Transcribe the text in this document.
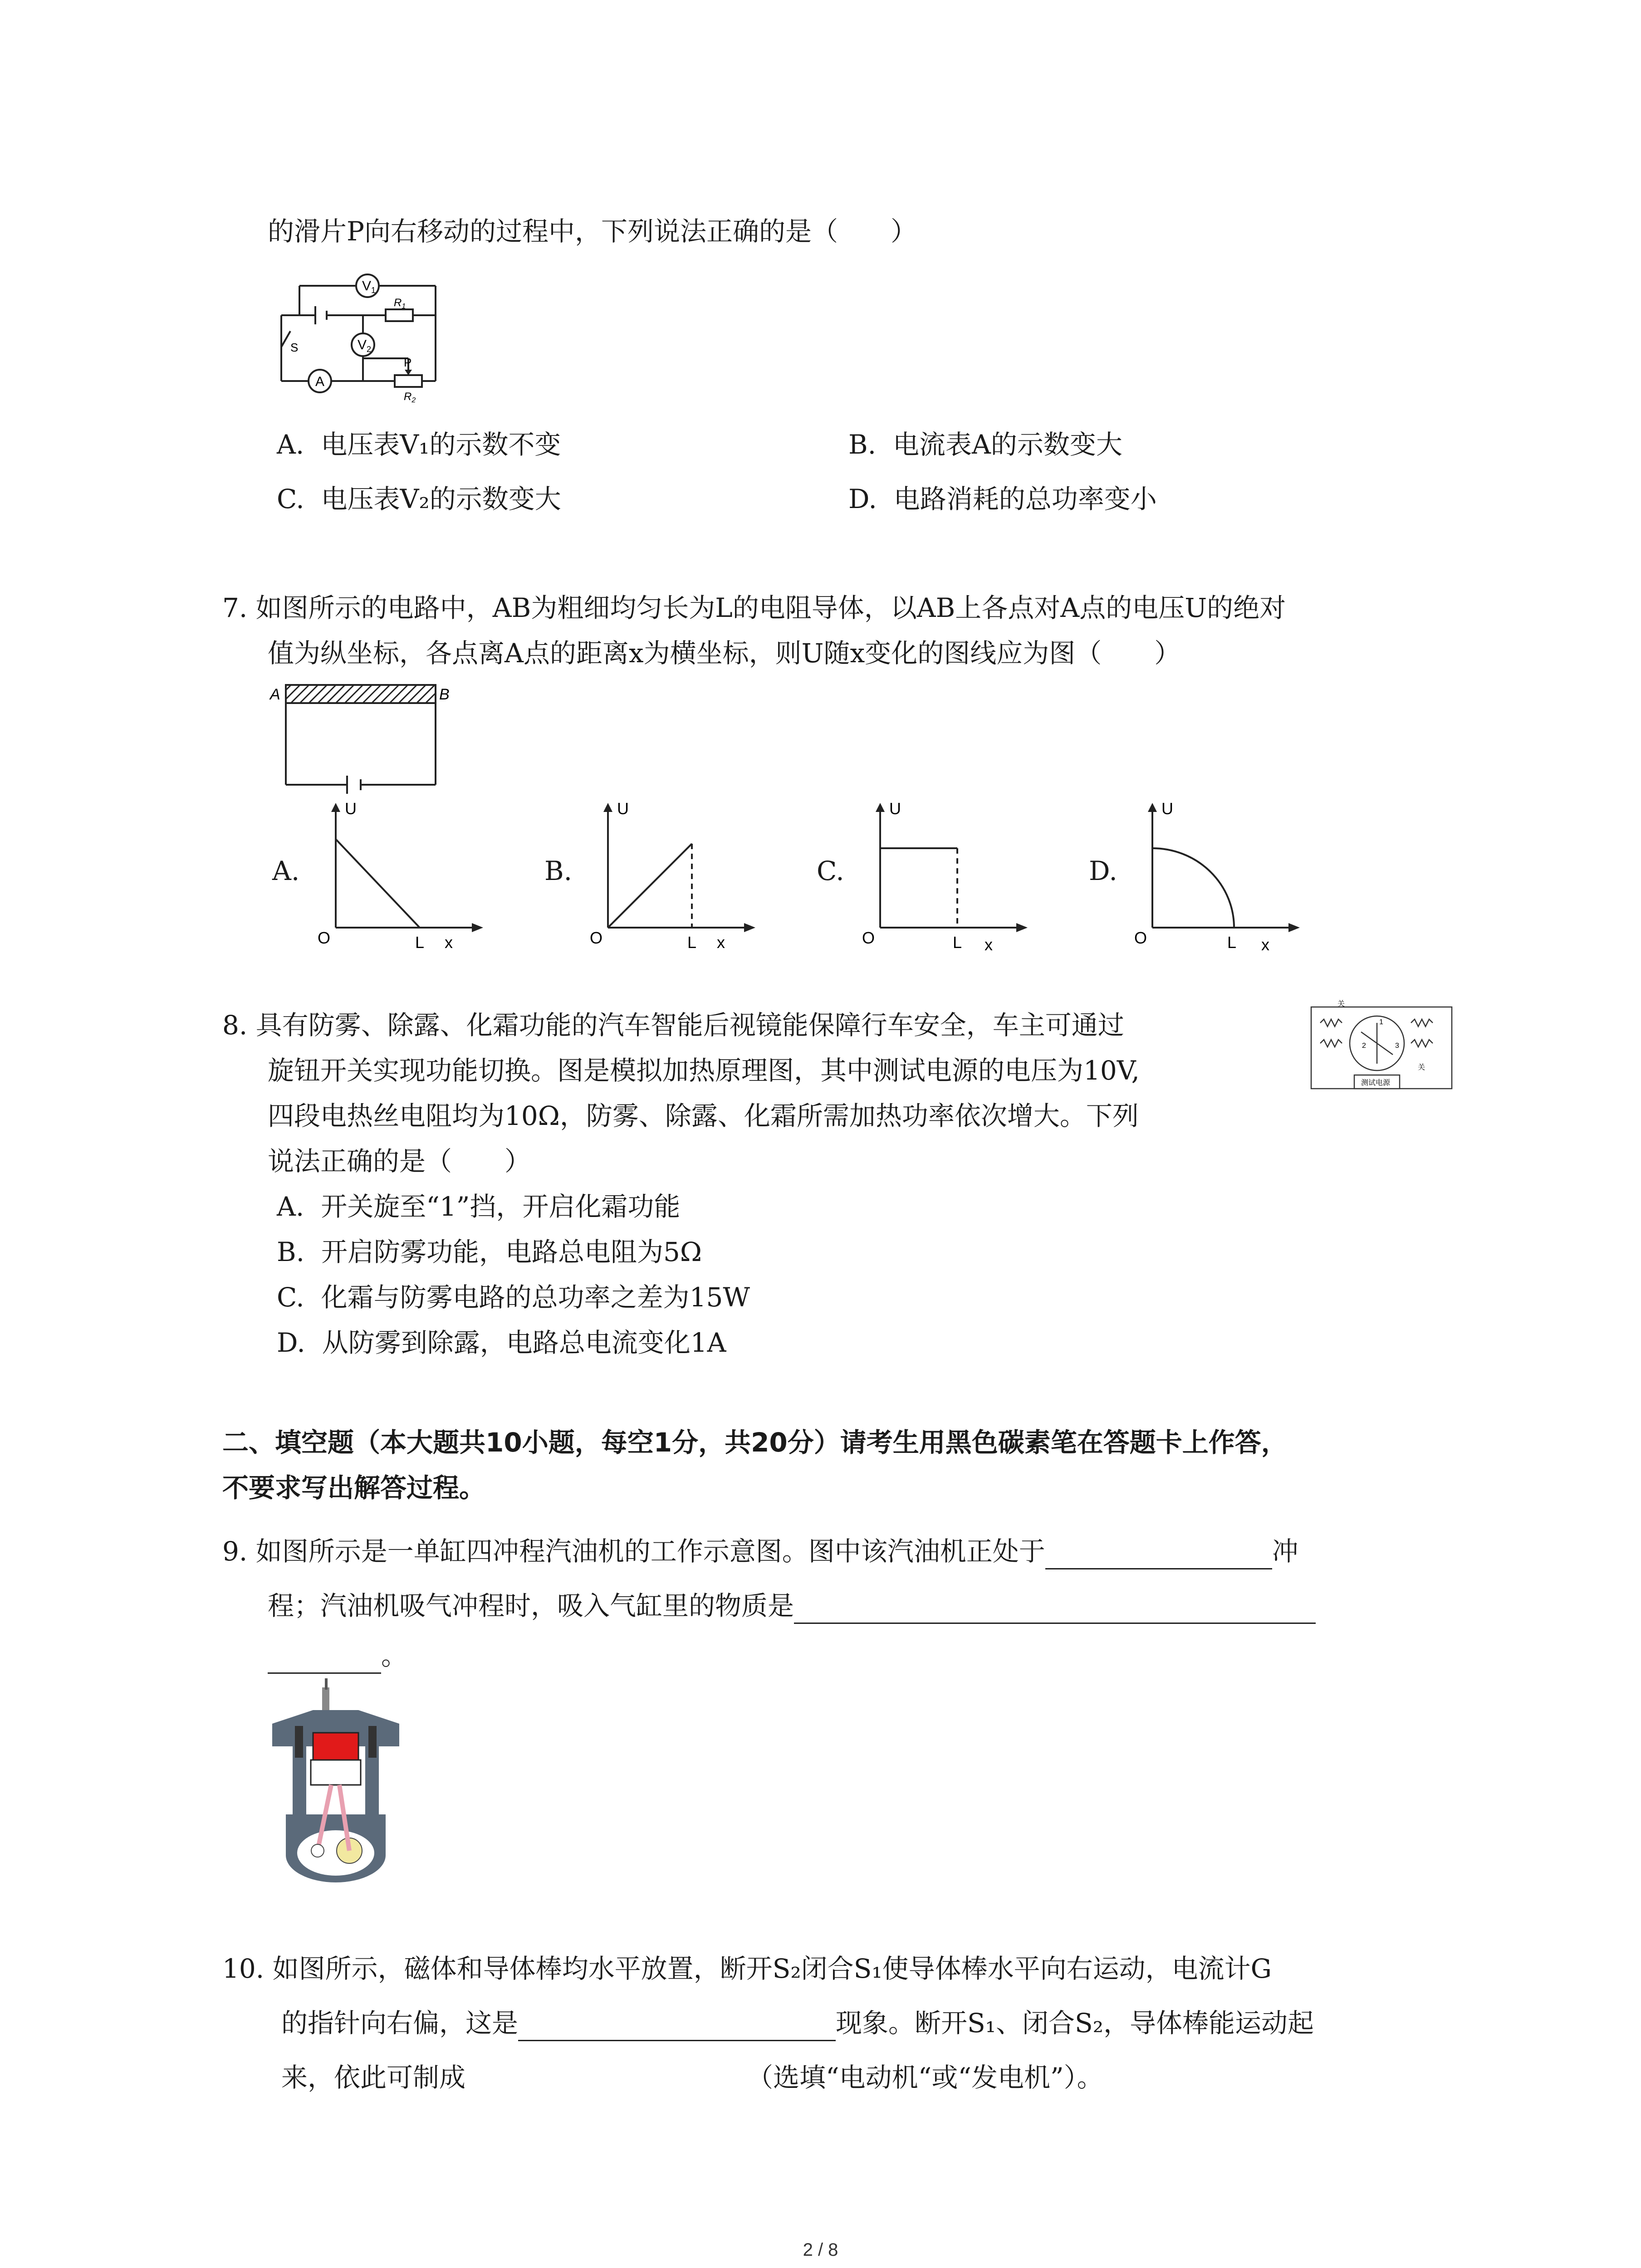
的滑片P向右移动的过程中，下列说法正确的是（　　）
$V_1$
$V_2$
A
$R_1$
$R_2$
S
P
A. 电压表V₁的示数不变	B. 电流表A的示数变大
C. 电压表V₂的示数变大	D. 电路消耗的总功率变小
7. 如图所示的电路中，AB为粗细均匀长为L的电阻导体，以AB上各点对A点的电压U的绝对
值为纵坐标，各点离A点的距离x为横坐标，则U随x变化的图线应为图（　　）
A	B
A.
U
O	L x
B.
U
O	L x
C.
U
O	L x
D.
U
O	L x
8. 具有防雾、除露、化霜功能的汽车智能后视镜能保障行车安全，车主可通过
旋钮开关实现功能切换。图是模拟加热原理图，其中测试电源的电压为10V,
四段电热丝电阻均为10Ω，防雾、除露、化霜所需加热功率依次增大。下列
说法正确的是（　　）
关
关
1
2	3
测试电源
A. 开关旋至“1”挡，开启化霜功能
B. 开启防雾功能，电路总电阻为5Ω
C. 化霜与防雾电路的总功率之差为15W
D. 从防雾到除露，电路总电流变化1A
二、填空题（本大题共10小题，每空1分，共20分）请考生用黑色碳素笔在答题卡上作答，
不要求写出解答过程。
9. 如图所示是一单缸四冲程汽油机的工作示意图。图中该汽油机正处于	冲
程；汽油机吸气冲程时，吸入气缸里的物质是
。
10. 如图所示，磁体和导体棒均水平放置，断开S₂闭合S₁使导体棒水平向右运动，电流计G
的指针向右偏，这是	现象。断开S₁、闭合S₂，导体棒能运动起
来，依此可制成	（选填“电动机“或“发电机”）。
2 / 8
